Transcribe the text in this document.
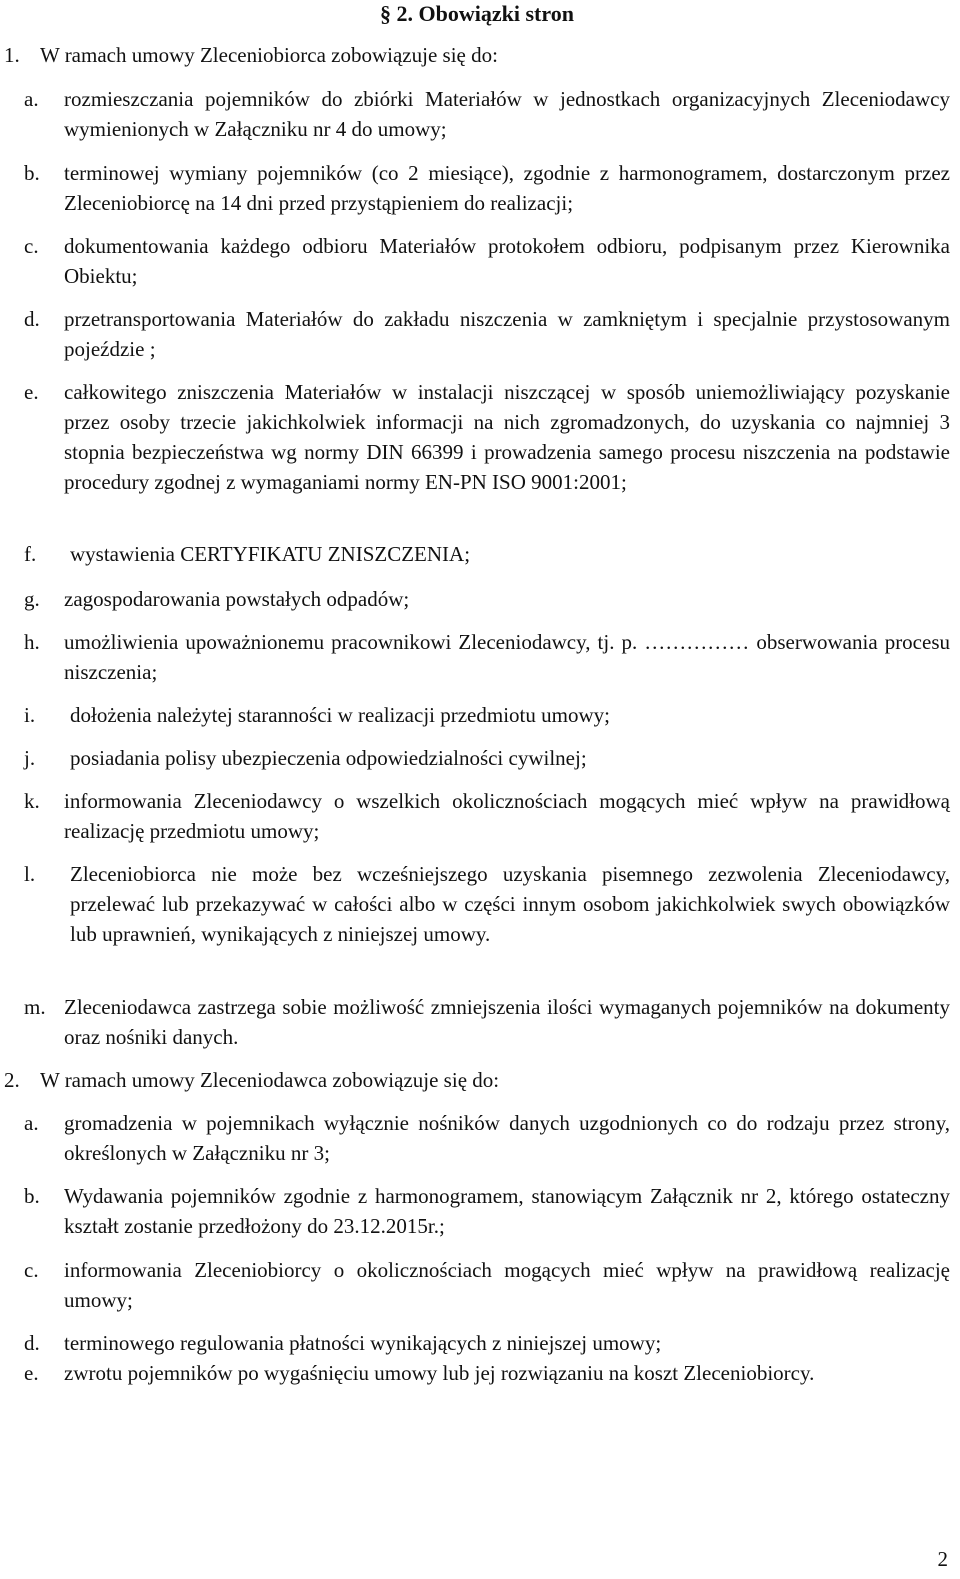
§ 2. Obowiązki stron
1. W ramach umowy Zleceniobiorca zobowiązuje się do:
a. rozmieszczania pojemników do zbiórki Materiałów w jednostkach organizacyjnych Zleceniodawcy wymienionych w Załączniku nr 4 do umowy;
b. terminowej wymiany pojemników (co 2 miesiące), zgodnie z harmonogramem, dostarczonym przez Zleceniobiorcę na 14 dni przed przystąpieniem do realizacji;
c. dokumentowania każdego odbioru Materiałów protokołem odbioru, podpisanym przez Kierownika Obiektu;
d. przetransportowania Materiałów do zakładu niszczenia w zamkniętym i specjalnie przystosowanym pojeździe ;
e. całkowitego zniszczenia Materiałów w instalacji niszczącej w sposób uniemożliwiający pozyskanie przez osoby trzecie jakichkolwiek informacji na nich zgromadzonych, do uzyskania co najmniej 3 stopnia bezpieczeństwa wg normy DIN 66399 i prowadzenia samego procesu niszczenia na podstawie procedury zgodnej z wymaganiami normy EN-PN ISO 9001:2001;
f. wystawienia CERTYFIKATU ZNISZCZENIA;
g. zagospodarowania powstałych odpadów;
h. umożliwienia upoważnionemu pracownikowi Zleceniodawcy, tj. p. …………… obserwowania procesu niszczenia;
i. dołożenia należytej staranności w realizacji przedmiotu umowy;
j. posiadania polisy ubezpieczenia odpowiedzialności cywilnej;
k. informowania Zleceniodawcy o wszelkich okolicznościach mogących mieć wpływ na prawidłową realizację przedmiotu umowy;
l. Zleceniobiorca nie może bez wcześniejszego uzyskania pisemnego zezwolenia Zleceniodawcy, przelewać lub przekazywać w całości albo w części innym osobom jakichkolwiek swych obowiązków lub uprawnień, wynikających z niniejszej umowy.
m. Zleceniodawca zastrzega sobie możliwość zmniejszenia ilości wymaganych pojemników na dokumenty oraz nośniki danych.
2. W ramach umowy Zleceniodawca zobowiązuje się do:
a. gromadzenia w pojemnikach wyłącznie nośników danych uzgodnionych co do rodzaju przez strony, określonych w Załączniku nr 3;
b. Wydawania pojemników zgodnie z harmonogramem, stanowiącym Załącznik nr 2, którego ostateczny kształt zostanie przedłożony do 23.12.2015r.;
c. informowania Zleceniobiorcy o okolicznościach mogących mieć wpływ na prawidłową realizację umowy;
d. terminowego regulowania płatności wynikających z niniejszej umowy;
e. zwrotu pojemników po wygaśnięciu umowy lub jej rozwiązaniu na koszt Zleceniobiorcy.
2
